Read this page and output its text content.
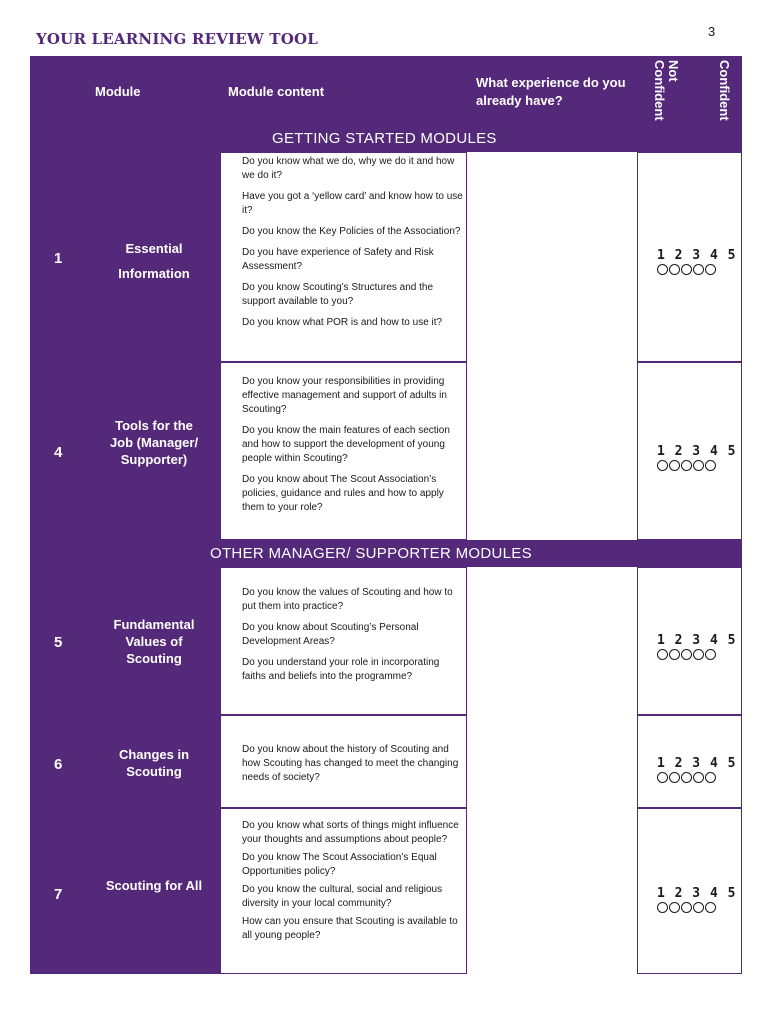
3
YOUR LEARNING REVIEW TOOL
Module	Module content
What experience do you already have?
Not Confident	Confident
GETTING STARTED MODULES
1
Essential Information
Do you know what we do, why we do it and how we do it?
Have you got a ‘yellow card’ and know how to use it?
Do you know the Key Policies of the Association?
Do you have experience of Safety and Risk Assessment?
Do you know Scouting’s Structures and the support available to you?
Do you know what POR is and how to use it?
1 2 3 4 5
4
Tools for the Job (Manager/ Supporter)
Do you know your responsibilities in providing effective management and support of adults in Scouting?
Do you know the main features of each section and how to support the development of young people within Scouting?
Do you know about The Scout Association’s policies, guidance and rules and how to apply them to your role?
1 2 3 4 5
OTHER MANAGER/ SUPPORTER MODULES
5
Fundamental Values of Scouting
Do you know the values of Scouting and how to put them into practice?
Do you know about Scouting’s Personal Development Areas?
Do you understand your role in incorporating faiths and beliefs into the programme?
1 2 3 4 5
6
Changes in Scouting
Do you know about the history of Scouting and how Scouting has changed to meet the changing needs of society?
1 2 3 4 5
7
Scouting for All
Do you know what sorts of things might influence your thoughts and assumptions about people?
Do you know The Scout Association’s Equal Opportunities policy?
Do you know the cultural, social and religious diversity in your local community?
How can you ensure that Scouting is available to all young people?
1 2 3 4 5
